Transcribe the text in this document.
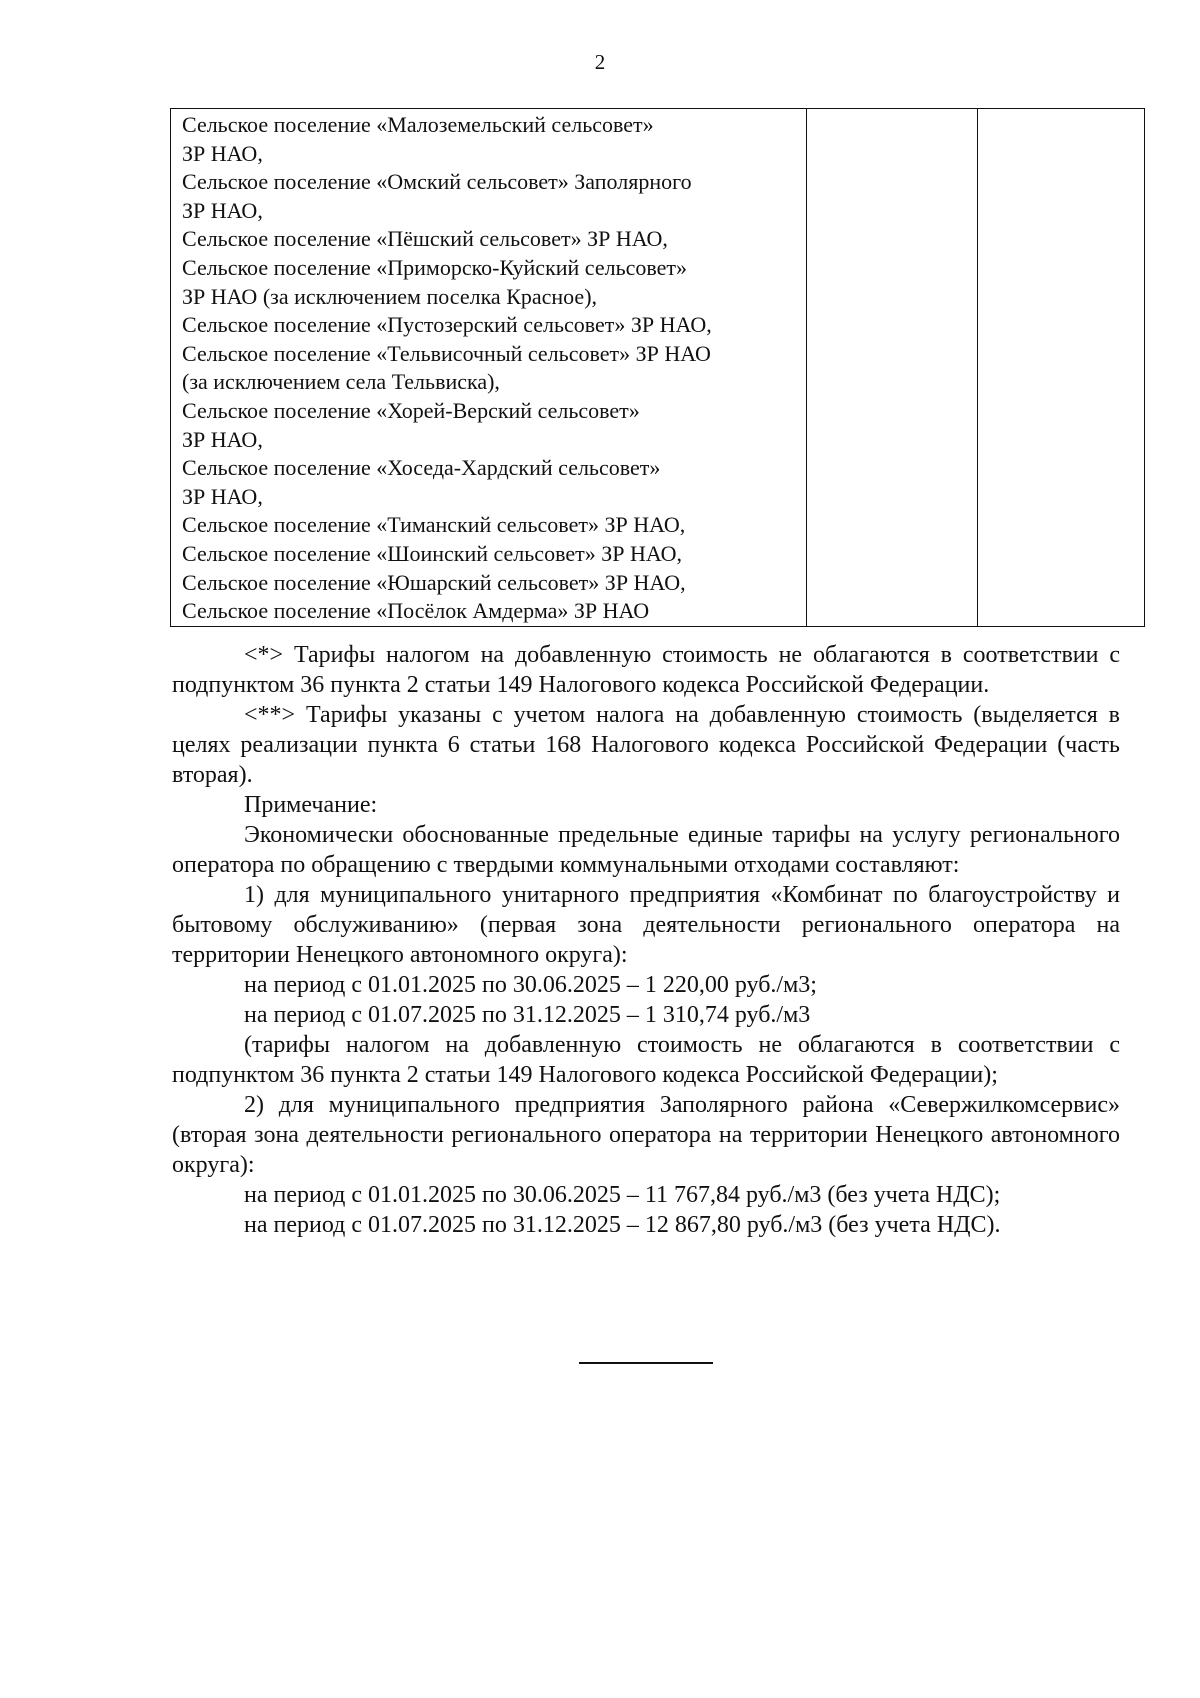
2
Сельское поселение «Малоземельский сельсовет»
ЗР НАО,
Сельское поселение «Омский сельсовет» Заполярного
ЗР НАО,
Сельское поселение «Пёшский сельсовет» ЗР НАО,
Сельское поселение «Приморско-Куйский сельсовет»
ЗР НАО (за исключением поселка Красное),
Сельское поселение «Пустозерский сельсовет» ЗР НАО,
Сельское поселение «Тельвисочный сельсовет» ЗР НАО
(за исключением села Тельвиска),
Сельское поселение «Хорей-Верский сельсовет»
ЗР НАО,
Сельское поселение «Хоседа-Хардский сельсовет»
ЗР НАО,
Сельское поселение «Тиманский сельсовет» ЗР НАО,
Сельское поселение «Шоинский сельсовет» ЗР НАО,
Сельское поселение «Юшарский сельсовет» ЗР НАО,
Сельское поселение «Посёлок Амдерма» ЗР НАО

<*> Тарифы налогом на добавленную стоимость не облагаются в соответствии с подпунктом 36 пункта 2 статьи 149 Налогового кодекса Российской Федерации.
<**> Тарифы указаны с учетом налога на добавленную стоимость (выделяется в целях реализации пункта 6 статьи 168 Налогового кодекса Российской Федерации (часть вторая).
Примечание:
Экономически обоснованные предельные единые тарифы на услугу регионального оператора по обращению с твердыми коммунальными отходами составляют:
1) для муниципального унитарного предприятия «Комбинат по благоустройству и бытовому обслуживанию» (первая зона деятельности регионального оператора на территории Ненецкого автономного округа):
на период с 01.01.2025 по 30.06.2025 – 1 220,00 руб./м3;
на период с 01.07.2025 по 31.12.2025 – 1 310,74 руб./м3
(тарифы налогом на добавленную стоимость не облагаются в соответствии с подпунктом 36 пункта 2 статьи 149 Налогового кодекса Российской Федерации);
2) для муниципального предприятия Заполярного района «Севержилкомсервис» (вторая зона деятельности регионального оператора на территории Ненецкого автономного округа):
на период с 01.01.2025 по 30.06.2025 – 11 767,84 руб./м3 (без учета НДС);
на период с 01.07.2025 по 31.12.2025 – 12 867,80 руб./м3 (без учета НДС).
